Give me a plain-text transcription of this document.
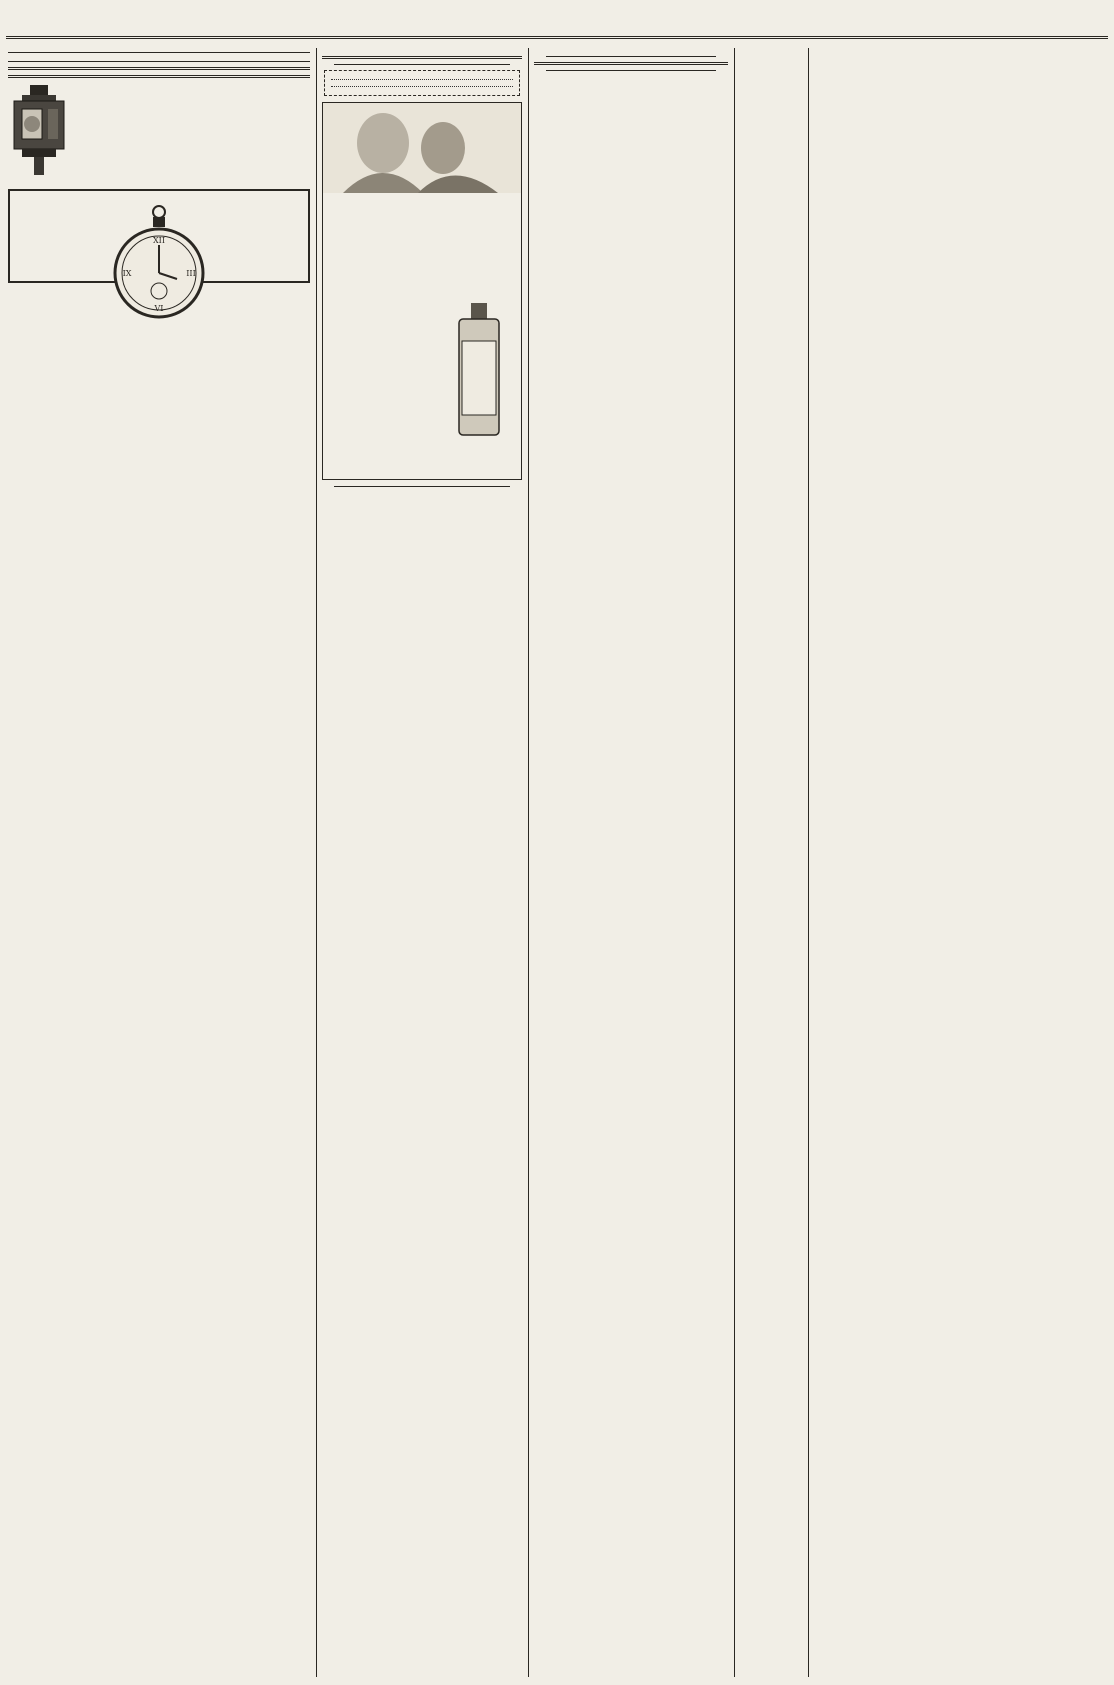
XII
III
IX
VI
